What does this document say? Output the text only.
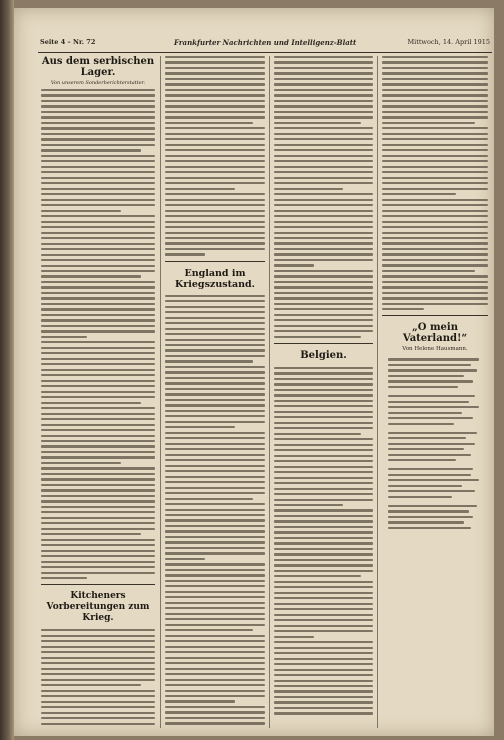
Seite 4 – Nr. 72	Frankfurter Nachrichten und Intelligenz-Blatt	Mittwoch, 14. April 1915

Aus dem serbischen Lager.

Von unserem Sonderberichterstatter.

Kitcheners Vorbereitungen zum Krieg.

England im Kriegszustand.

Belgien.

„O mein Vaterland!“

Von Helene Hausmann.
